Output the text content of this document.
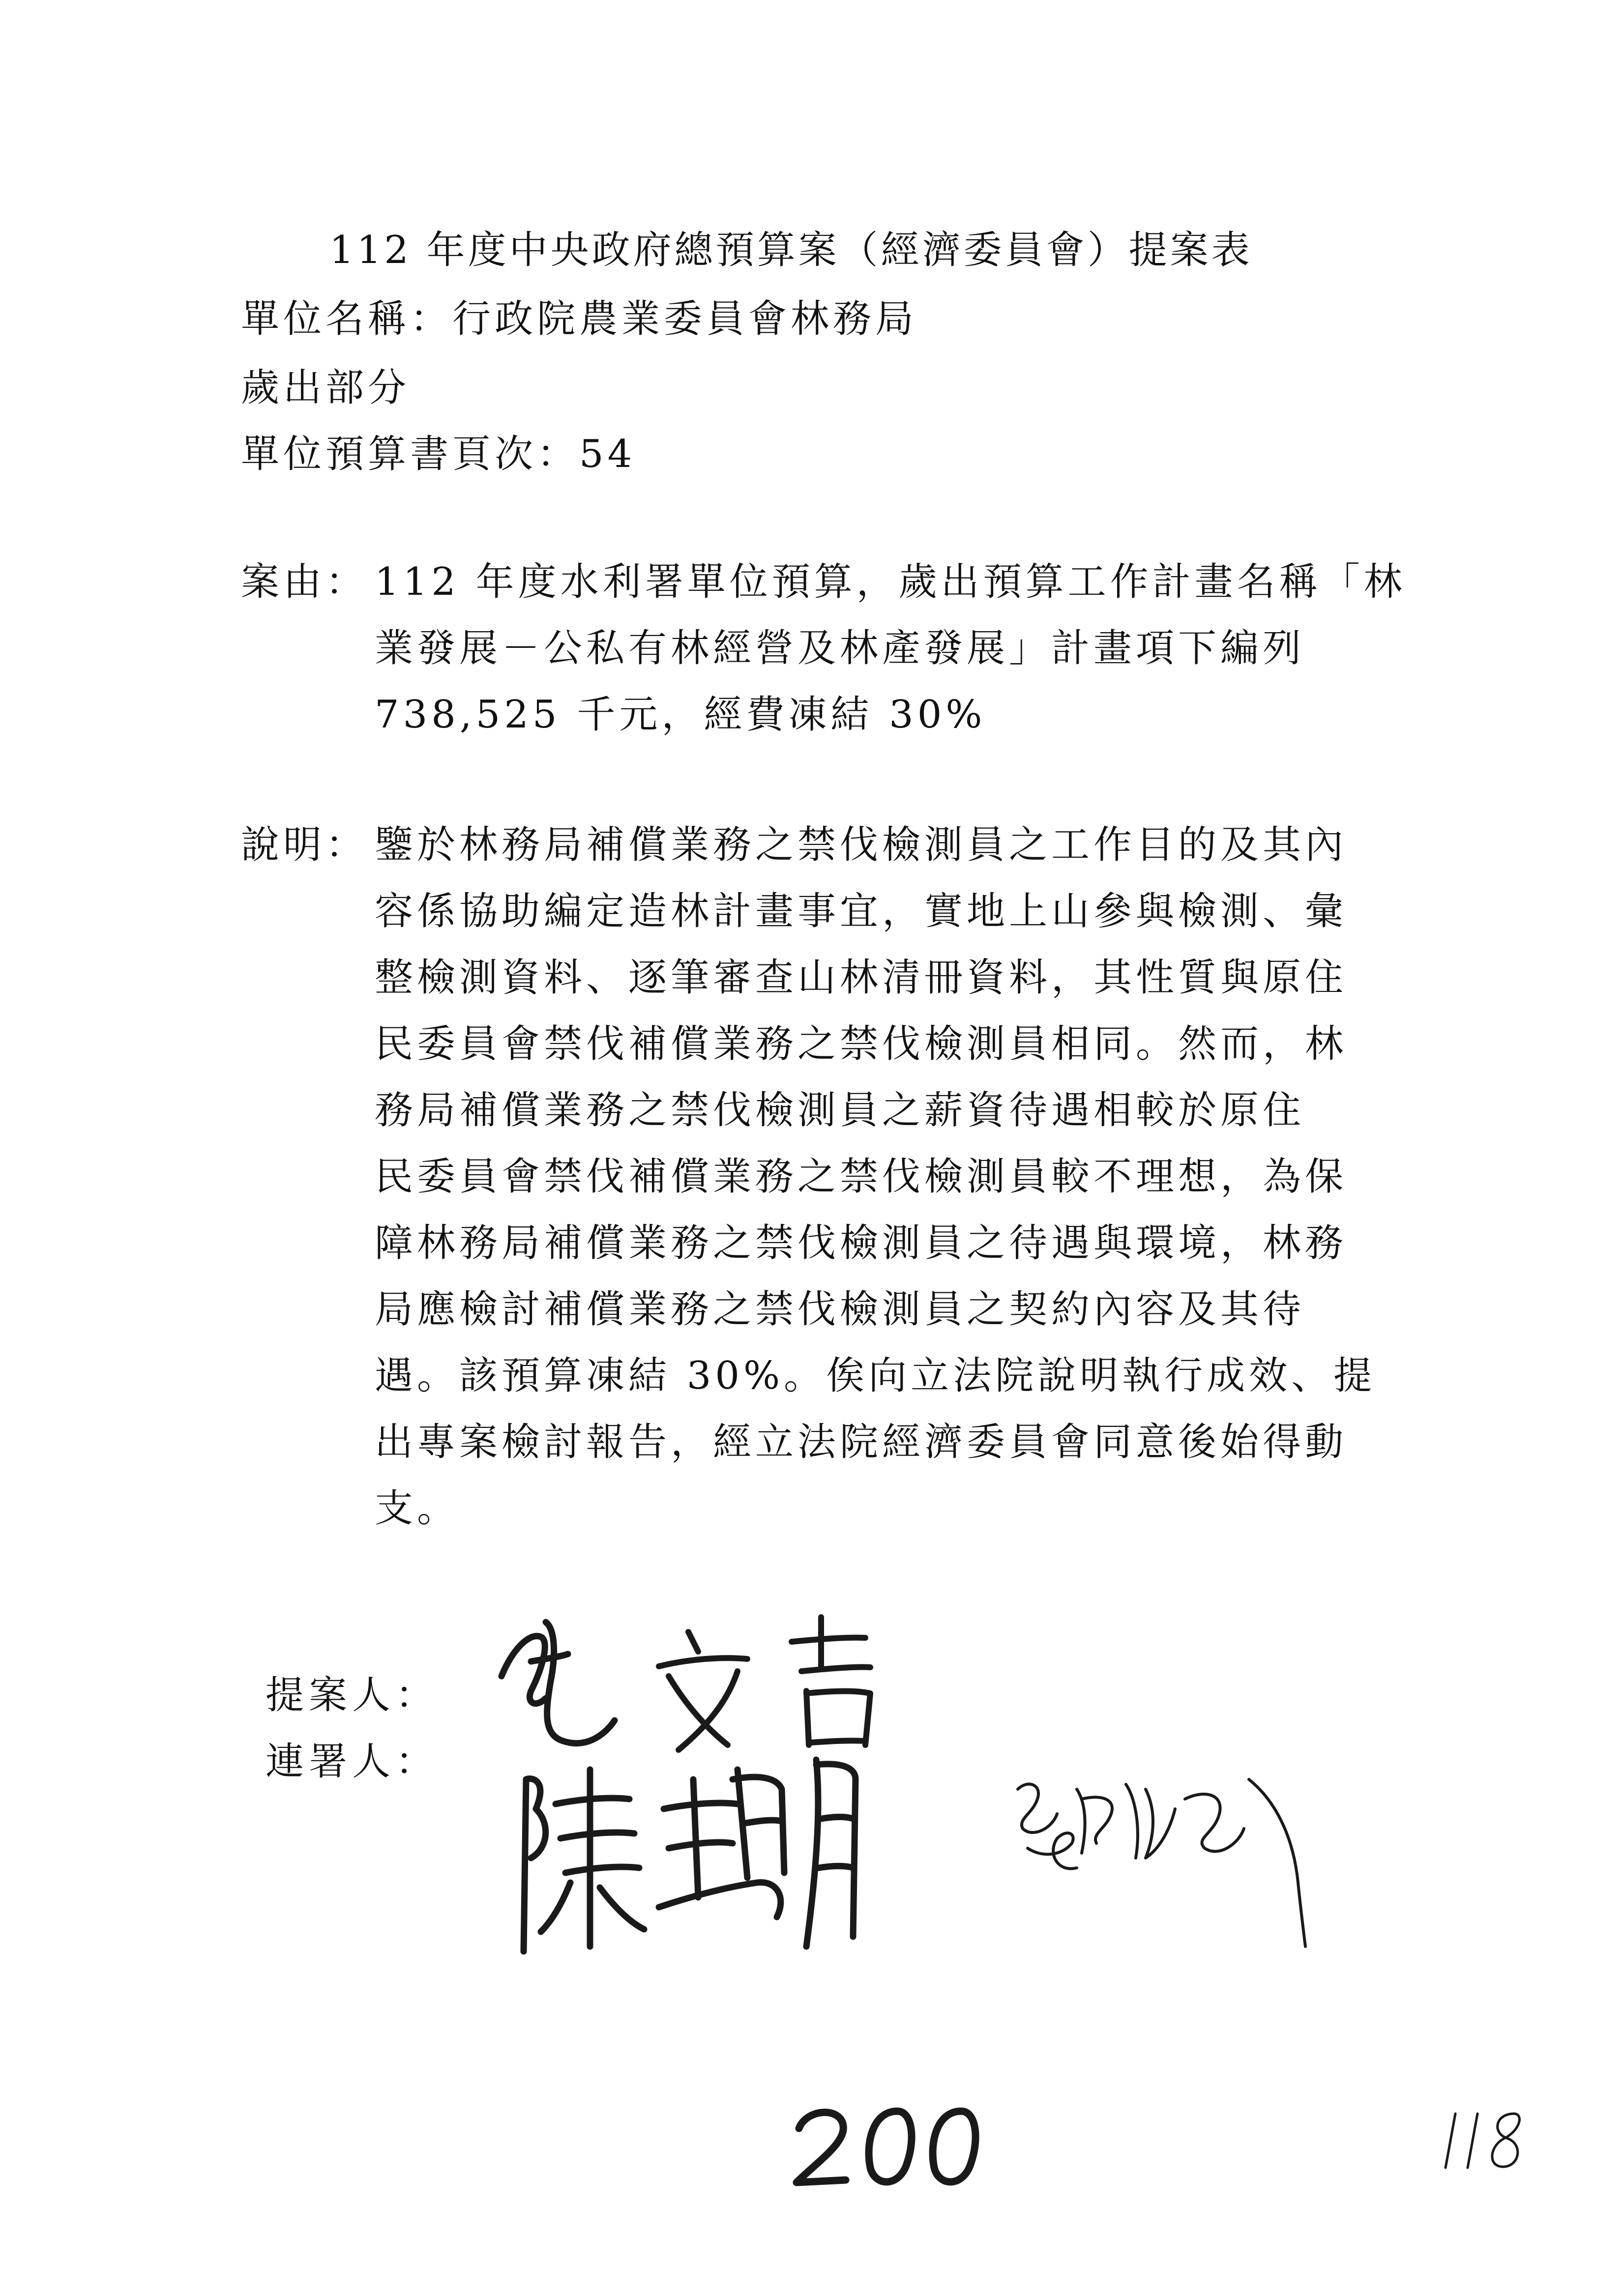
112 年度中央政府總預算案（經濟委員會）提案表

單位名稱：行政院農業委員會林務局

歲出部分

單位預算書頁次：54

案由： 112 年度水利署單位預算，歲出預算工作計畫名稱「林

業發展－公私有林經營及林產發展」計畫項下編列

738,525 千元，經費凍結 30%

說明： 鑒於林務局補償業務之禁伐檢測員之工作目的及其內

容係協助編定造林計畫事宜，實地上山參與檢測、彙

整檢測資料、逐筆審查山林清冊資料，其性質與原住

民委員會禁伐補償業務之禁伐檢測員相同。然而，林

務局補償業務之禁伐檢測員之薪資待遇相較於原住

民委員會禁伐補償業務之禁伐檢測員較不理想，為保

障林務局補償業務之禁伐檢測員之待遇與環境，林務

局應檢討補償業務之禁伐檢測員之契約內容及其待

遇。該預算凍結 30%。俟向立法院說明執行成效、提

出專案檢討報告，經立法院經濟委員會同意後始得動

支。

提案人：

連署人：
